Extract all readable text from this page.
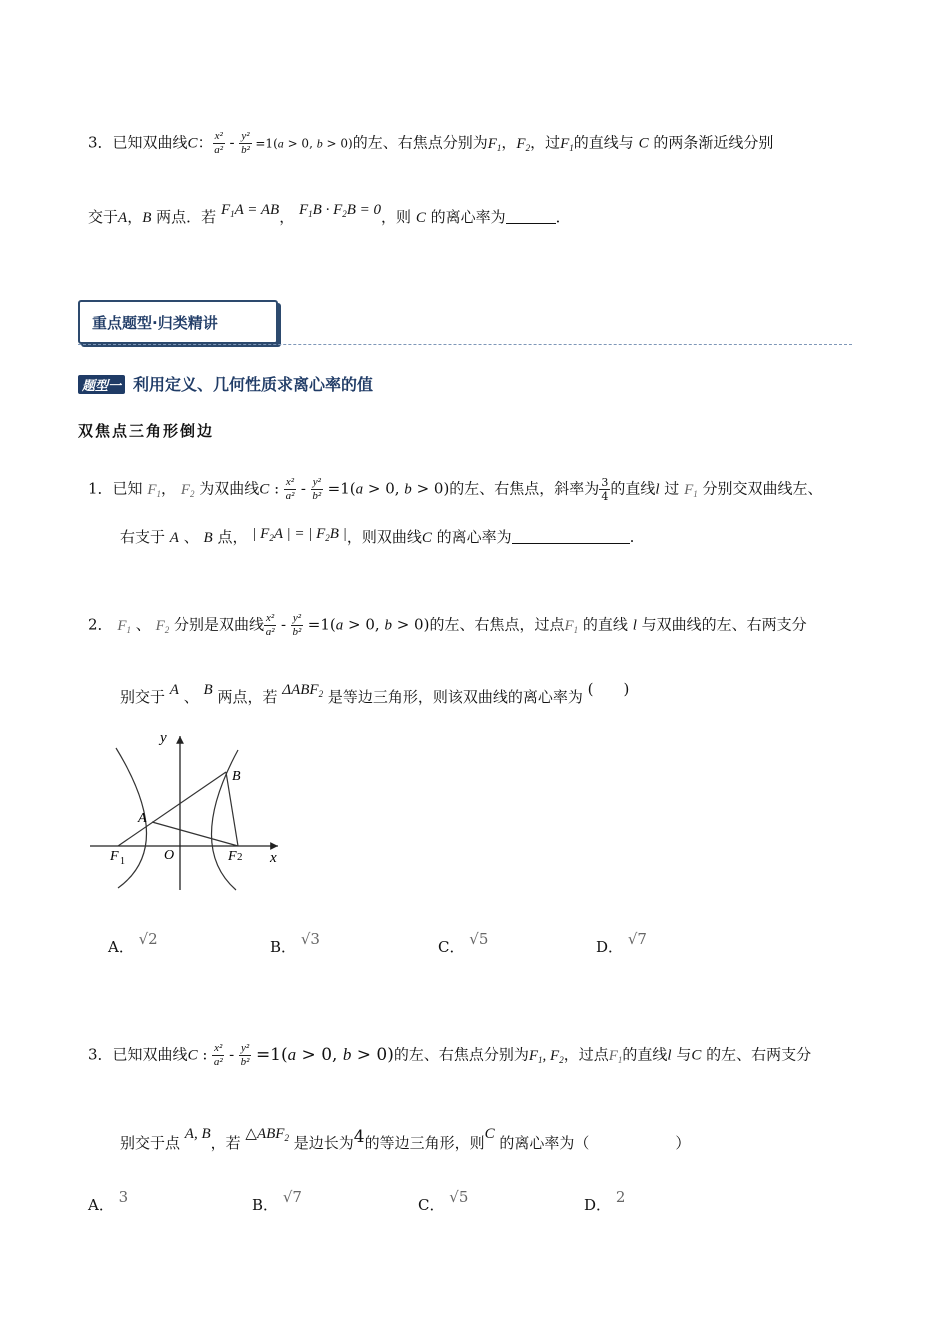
3．已知双曲线C： $\frac{\text{x²}}{\text{a²}} - \frac{\text{y²}}{\text{b²}} =1(a > 0$, b > 0)的左、右焦点分别为$F_1$，$F_2$，过$F_1$的直线与 C 的两条渐近线分别
交于A，B 两点．若 $F_1A$ = AB， $F_1B \cdot F_2B = 0$，则 C 的离心率为	．
重点题型·归类精讲
题型一 利用定义、几何性质求离心率的值
双焦点三角形倒边
1．已知 $F_1$， $F_2$ 为双曲线C : $\frac{\text{x²}}{\text{a²}} - \frac{\text{y²}}{\text{b²}} =1(a > 0$, b > 0)的左、右焦点，斜率为 $\frac{3}{4}$ 的直线l 过 $F_1$ 分别交双曲线左、
右支于 A 、 B 点， | $F_2A$ | = | $F_2B$ |，则双曲线C 的离心率为	.
2． $F_1$ 、 $F_2$ 分别是双曲线 $\frac{\text{x²}}{\text{a²}} - \frac{\text{y²}}{\text{b²}} =1(a > 0$, b > 0)的左、右焦点，过点$F_1$ 的直线 l 与双曲线的左、右两支分
别交于 A 、 B 两点，若 $\Delta ABF_2$ 是等边三角形，则该双曲线的离心率为 (　　)
y
x
A
B
O
F 1	F 2
A． √2	B． √3	C． √5	D． √7
3．已知双曲线C : $\frac{\text{x²}}{\text{a²}} - \frac{\text{y²}}{\text{b²}} =1(a > 0$, b > 0)的左、右焦点分别为$F_1$, $F_2$，过点$F_1$的直线l 与C 的左、右两支分
别交于点 A, B，若 $\triangle ABF_2$ 是边长为4的等边三角形，则C 的离心率为（	）
A． 3	B． √7	C． √5	D． 2
